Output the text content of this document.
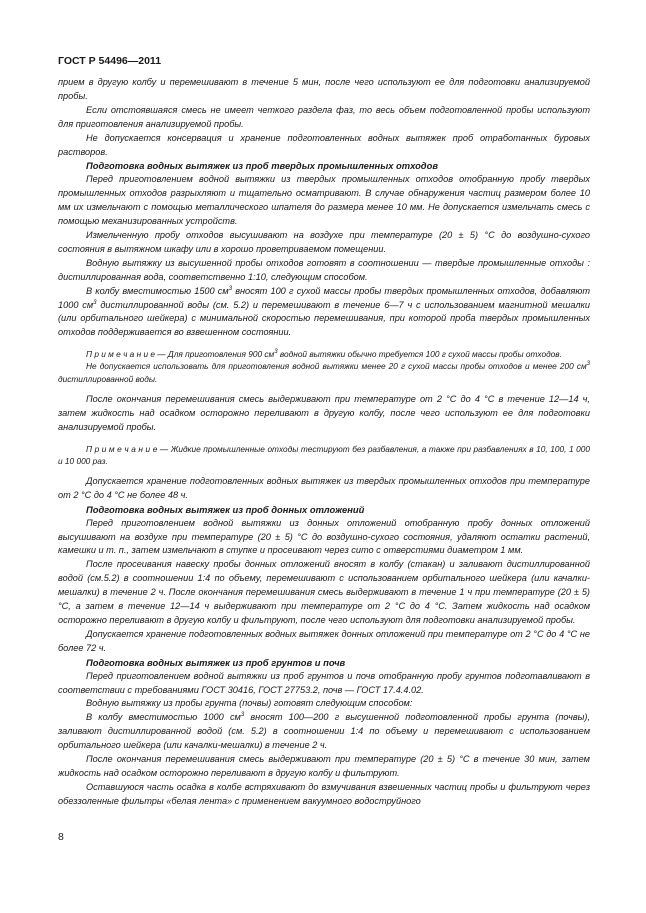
ГОСТ Р 54496—2011

прием в другую колбу и перемешивают в течение 5 мин, после чего используют ее для подготовки анализируемой пробы.

Если отстоявшаяся смесь не имеет четкого раздела фаз, то весь объем подготовленной пробы используют для приготовления анализируемой пробы.

Не допускается консервация и хранение подготовленных водных вытяжек проб отработанных буровых растворов.

Подготовка водных вытяжек из проб твердых промышленных отходов

Перед приготовлением водной вытяжки из твердых промышленных отходов отобранную пробу твердых промышленных отходов разрыхляют и тщательно осматривают. В случае обнаружения частиц размером более 10 мм их измельчают с помощью металлического шпателя до размера менее 10 мм. Не допускается измельчать смесь с помощью механизированных устройств.

Измельченную пробу отходов высушивают на воздухе при температуре (20 ± 5) °С до воздушно-сухого состояния в вытяжном шкафу или в хорошо проветриваемом помещении.

Водную вытяжку из высушенной пробы отходов готовят в соотношении — твердые промышленные отходы : дистиллированная вода, соответственно 1:10, следующим способом.

В колбу вместимостью 1500 $см^3$ вносят 100 г сухой массы пробы твердых промышленных отходов, добавляют 1000 $см^3$ дистиллированной воды (см. 5.2) и перемешивают в течение 6—7 ч с использованием магнитной мешалки (или орбитального шейкера) с минимальной скоростью перемешивания, при которой проба твердых промышленных отходов поддерживается во взвешенном состоянии.

П р и м е ч а н и е — Для приготовления 900 $см^3$ водной вытяжки обычно требуется 100 г сухой массы пробы отходов.

Не допускается использовать для приготовления водной вытяжки менее 20 г сухой массы пробы отходов и менее 200 $см^3$ дистиллированной воды.

После окончания перемешивания смесь выдерживают при температуре от 2 °С до 4 °С в течение 12—14 ч, затем жидкость над осадком осторожно переливают в другую колбу, после чего используют ее для подготовки анализируемой пробы.

П р и м е ч а н и е — Жидкие промышленные отходы тестируют без разбавления, а также при разбавлениях в 10, 100, 1 000 и 10 000 раз.

Допускается хранение подготовленных водных вытяжек из твердых промышленных отходов при температуре от 2 °С до 4 °С не более 48 ч.

Подготовка водных вытяжек из проб донных отложений

Перед приготовлением водной вытяжки из донных отложений отобранную пробу донных отложений высушивают на воздухе при температуре (20 ± 5) °С до воздушно-сухого состояния, удаляют остатки растений, камешки и т. п., затем измельчают в ступке и просеивают через сито с отверстиями диаметром 1 мм.

После просеивания навеску пробы донных отложений вносят в колбу (стакан) и заливают дистиллированной водой (см.5.2) в соотношении 1:4 по объему, перемешивают с использованием орбитального шейкера (или качалки-мешалки) в течение 2 ч. После окончания перемешивания смесь выдерживают в течение 1 ч при температуре (20 ± 5) °С, а затем в течение 12—14 ч выдерживают при температуре от 2 °С до 4 °С. Затем жидкость над осадком осторожно переливают в другую колбу и фильтруют, после чего используют для подготовки анализируемой пробы.

Допускается хранение подготовленных водных вытяжек донных отложений при температуре от 2 °С до 4 °С не более 72 ч.

Подготовка водных вытяжек из проб грунтов и почв

Перед приготовлением водной вытяжки из проб грунтов и почв отобранную пробу грунтов подготавливают в соответствии с требованиями ГОСТ 30416, ГОСТ 27753.2, почв — ГОСТ 17.4.4.02.

Водную вытяжку из пробы грунта (почвы) готовят следующим способом:

В колбу вместимостью 1000 $см^3$ вносят 100—200 г высушенной подготовленной пробы грунта (почвы), заливают дистиллированной водой (см. 5.2) в соотношении 1:4 по объему и перемешивают с использованием орбитального шейкера (или качалки-мешалки) в течение 2 ч.

После окончания перемешивания смесь выдерживают при температуре (20 ± 5) °С в течение 30 мин, затем жидкость над осадком осторожно переливают в другую колбу и фильтруют.

Оставшуюся часть осадка в колбе встряхивают до взмучивания взвешенных частиц пробы и фильтруют через обеззоленные фильтры «белая лента» с применением вакуумного водоструйного

8
